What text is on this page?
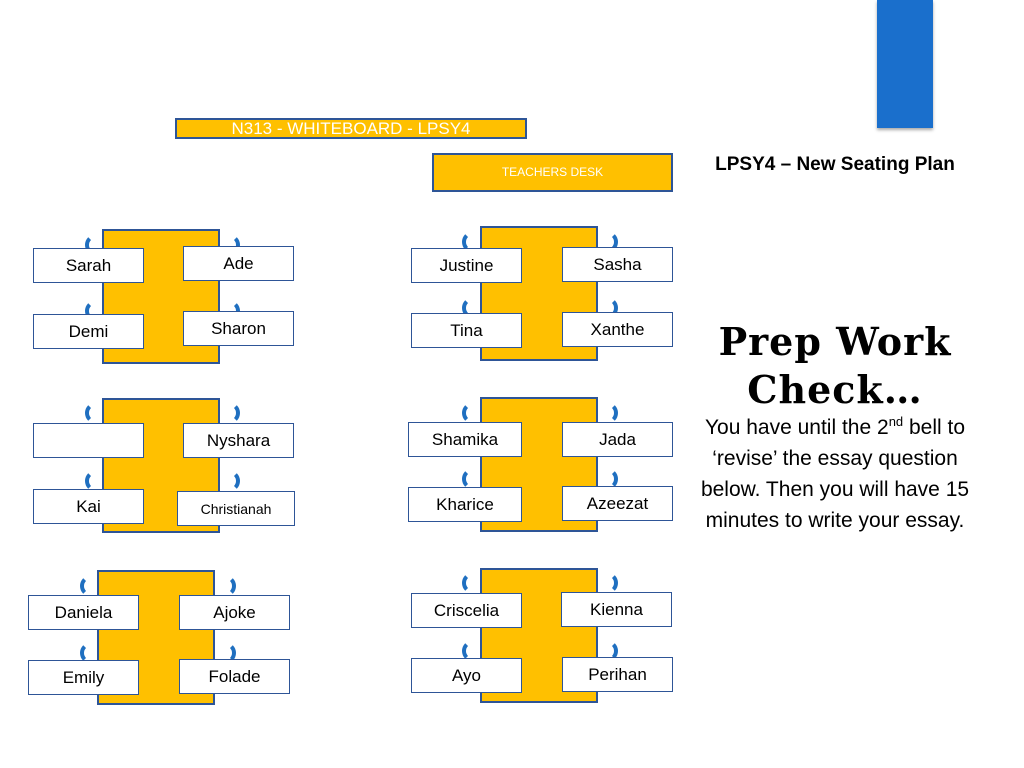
N313 - WHITEBOARD - LPSY4
TEACHERS DESK	LPSY4 – New Seating Plan
Prep Work Check…
You have until the 2nd bell to ‘revise’ the essay question below. Then you will have 15 minutes to write your essay.
Sarah	Ade
Demi	Sharon
Justine	Sasha
Tina	Xanthe
Nyshara
Kai	Christianah
Shamika	Jada
Kharice	Azeezat
Daniela	Ajoke
Emily	Folade
Criscelia	Kienna
Ayo	Perihan
